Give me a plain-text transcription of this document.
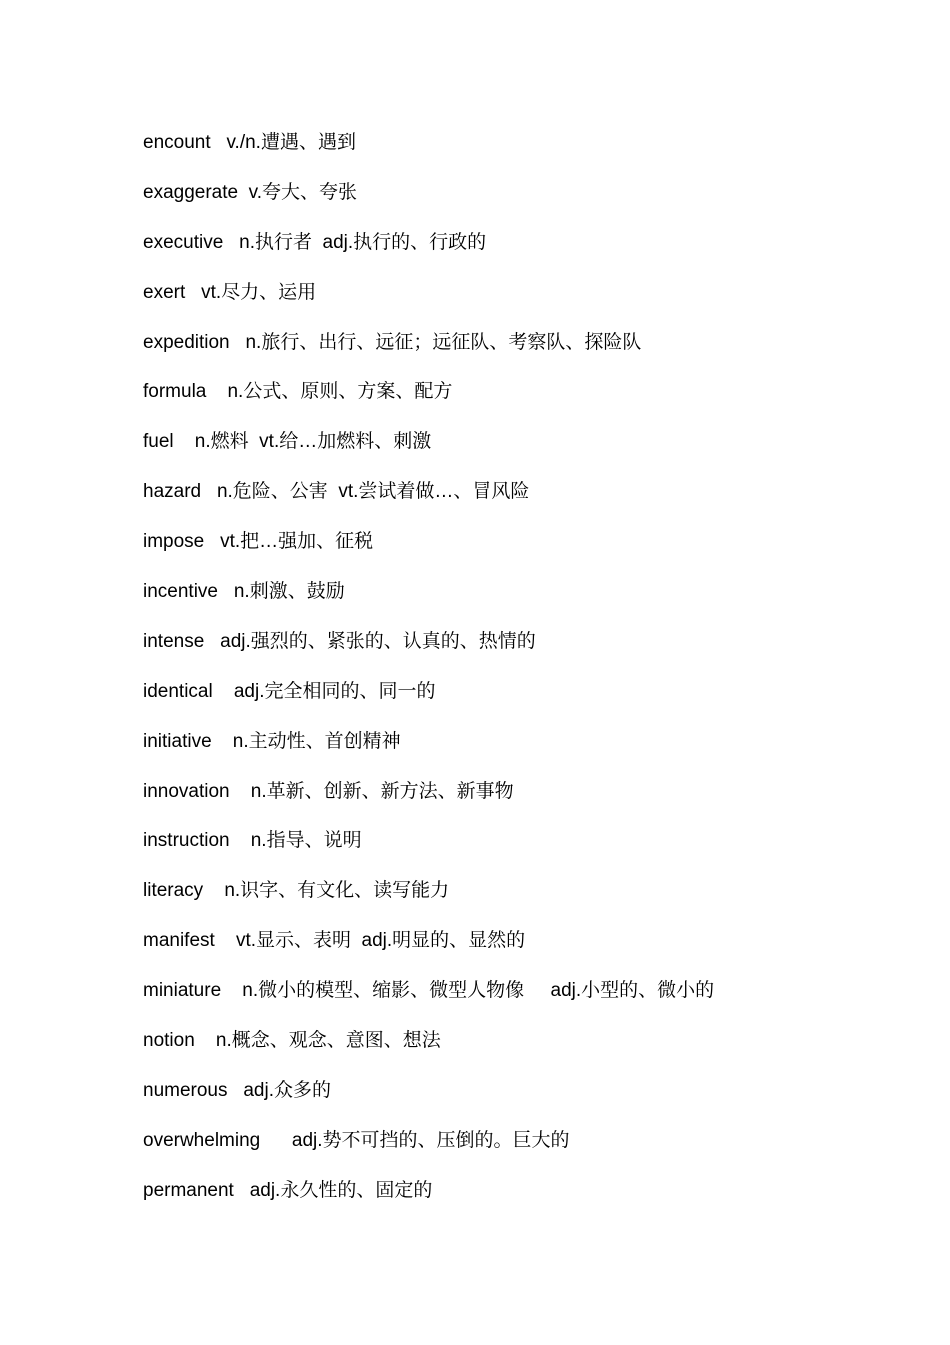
encount v./n.遭遇、遇到
exaggerate v.夸大、夸张
executive n.执行者  adj.执行的、行政的
exert vt.尽力、运用
expedition n.旅行、出行、远征；远征队、考察队、探险队
formula n.公式、原则、方案、配方
fuel n.燃料  vt.给…加燃料、刺激
hazard n.危险、公害  vt.尝试着做…、冒风险
impose vt.把…强加、征税
incentive n.刺激、鼓励
intense adj.强烈的、紧张的、认真的、热情的
identical adj.完全相同的、同一的
initiative n.主动性、首创精神
innovation n.革新、创新、新方法、新事物
instruction n.指导、说明
literacy n.识字、有文化、读写能力
manifest vt.显示、表明  adj.明显的、显然的
miniature n.微小的模型、缩影、微型人物像     adj.小型的、微小的
notion n.概念、观念、意图、想法
numerous adj.众多的
overwhelming adj.势不可挡的、压倒的。巨大的
permanent adj.永久性的、固定的
